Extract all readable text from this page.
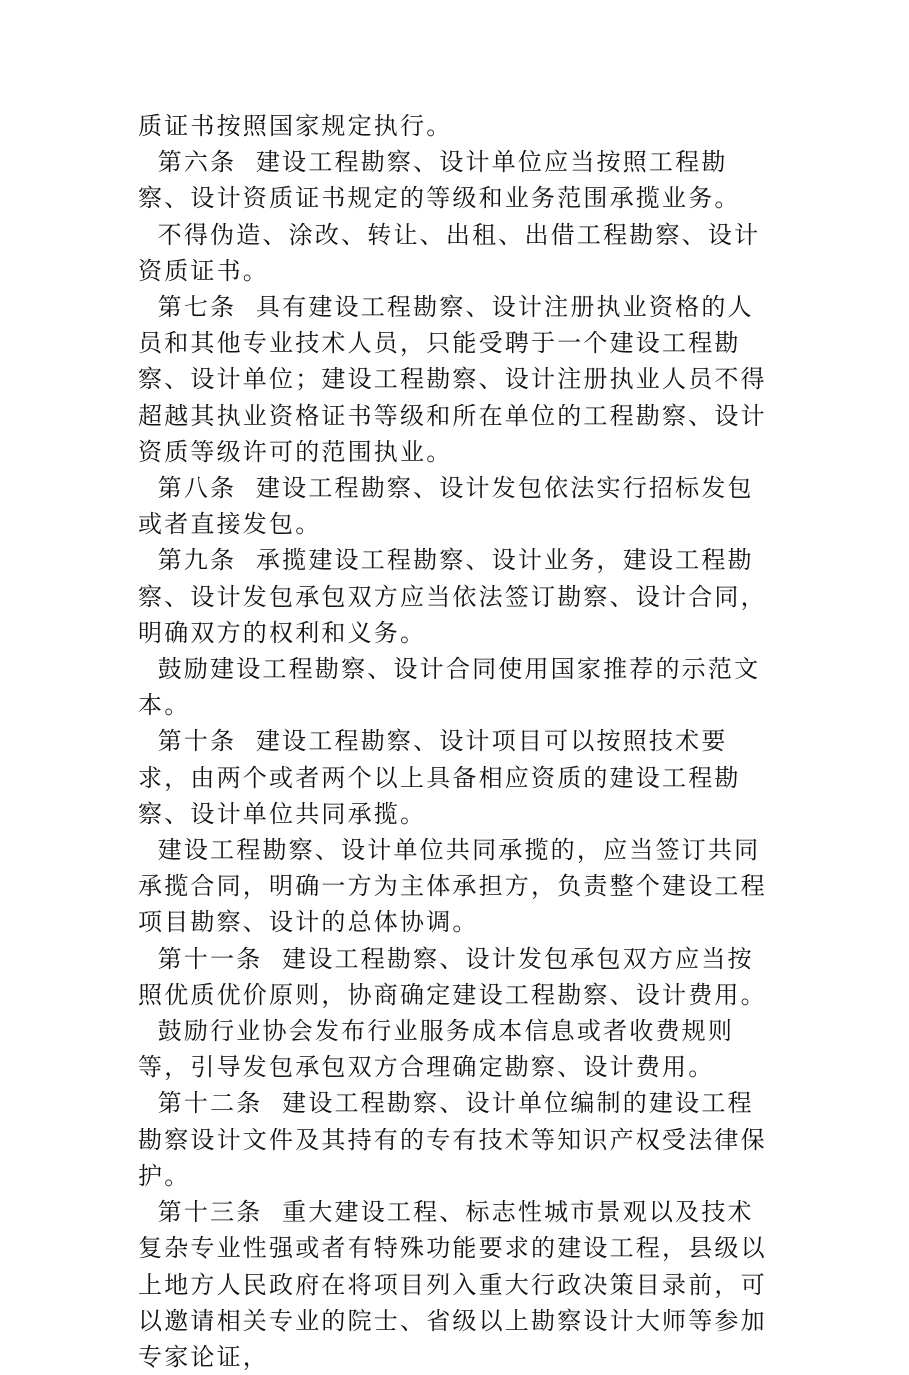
质证书按照国家规定执行。

第六条  建设工程勘察、设计单位应当按照工程勘察、设计资质证书规定的等级和业务范围承揽业务。

不得伪造、涂改、转让、出租、出借工程勘察、设计资质证书。

第七条  具有建设工程勘察、设计注册执业资格的人员和其他专业技术人员，只能受聘于一个建设工程勘察、设计单位；建设工程勘察、设计注册执业人员不得超越其执业资格证书等级和所在单位的工程勘察、设计资质等级许可的范围执业。

第八条  建设工程勘察、设计发包依法实行招标发包或者直接发包。

第九条  承揽建设工程勘察、设计业务，建设工程勘察、设计发包承包双方应当依法签订勘察、设计合同，明确双方的权利和义务。

鼓励建设工程勘察、设计合同使用国家推荐的示范文本。

第十条  建设工程勘察、设计项目可以按照技术要求，由两个或者两个以上具备相应资质的建设工程勘察、设计单位共同承揽。

建设工程勘察、设计单位共同承揽的，应当签订共同承揽合同，明确一方为主体承担方，负责整个建设工程项目勘察、设计的总体协调。

第十一条  建设工程勘察、设计发包承包双方应当按照优质优价原则，协商确定建设工程勘察、设计费用。

鼓励行业协会发布行业服务成本信息或者收费规则等，引导发包承包双方合理确定勘察、设计费用。

第十二条  建设工程勘察、设计单位编制的建设工程勘察设计文件及其持有的专有技术等知识产权受法律保护。

第十三条  重大建设工程、标志性城市景观以及技术复杂专业性强或者有特殊功能要求的建设工程，县级以上地方人民政府在将项目列入重大行政决策目录前，可以邀请相关专业的院士、省级以上勘察设计大师等参加专家论证，
